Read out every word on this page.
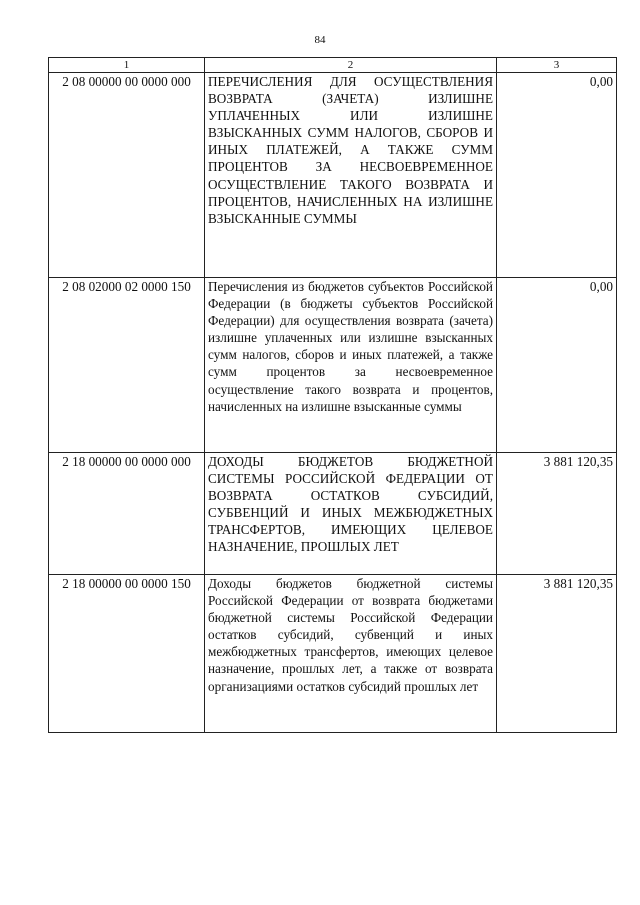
84
1	2	3
2 08 00000 00 0000 000	ПЕРЕЧИСЛЕНИЯ ДЛЯ ОСУЩЕСТВЛЕНИЯ ВОЗВРАТА (ЗАЧЕТА) ИЗЛИШНЕ УПЛАЧЕННЫХ ИЛИ ИЗЛИШНЕ ВЗЫСКАННЫХ СУММ НАЛОГОВ, СБОРОВ И ИНЫХ ПЛАТЕЖЕЙ, А ТАКЖЕ СУММ ПРОЦЕНТОВ ЗА НЕСВОЕВРЕМЕННОЕ ОСУЩЕСТВЛЕНИЕ ТАКОГО ВОЗВРАТА И ПРОЦЕНТОВ, НАЧИСЛЕННЫХ НА ИЗЛИШНЕ ВЗЫСКАННЫЕ СУММЫ	0,00
2 08 02000 02 0000 150	Перечисления из бюджетов субъектов Российской Федерации (в бюджеты субъектов Российской Федерации) для осуществления возврата (зачета) излишне уплаченных или излишне взысканных сумм налогов, сборов и иных платежей, а также сумм процентов за несвоевременное осуществление такого возврата и процентов, начисленных на излишне взысканные суммы	0,00
2 18 00000 00 0000 000	ДОХОДЫ БЮДЖЕТОВ БЮДЖЕТНОЙ СИСТЕМЫ РОССИЙСКОЙ ФЕДЕРАЦИИ ОТ ВОЗВРАТА ОСТАТКОВ СУБСИДИЙ, СУБВЕНЦИЙ И ИНЫХ МЕЖБЮДЖЕТНЫХ ТРАНСФЕРТОВ, ИМЕЮЩИХ ЦЕЛЕВОЕ НАЗНАЧЕНИЕ, ПРОШЛЫХ ЛЕТ	3 881 120,35
2 18 00000 00 0000 150	Доходы бюджетов бюджетной системы Российской Федерации от возврата бюджетами бюджетной системы Российской Федерации остатков субсидий, субвенций и иных межбюджетных трансфертов, имеющих целевое назначение, прошлых лет, а также от возврата организациями остатков субсидий прошлых лет	3 881 120,35
